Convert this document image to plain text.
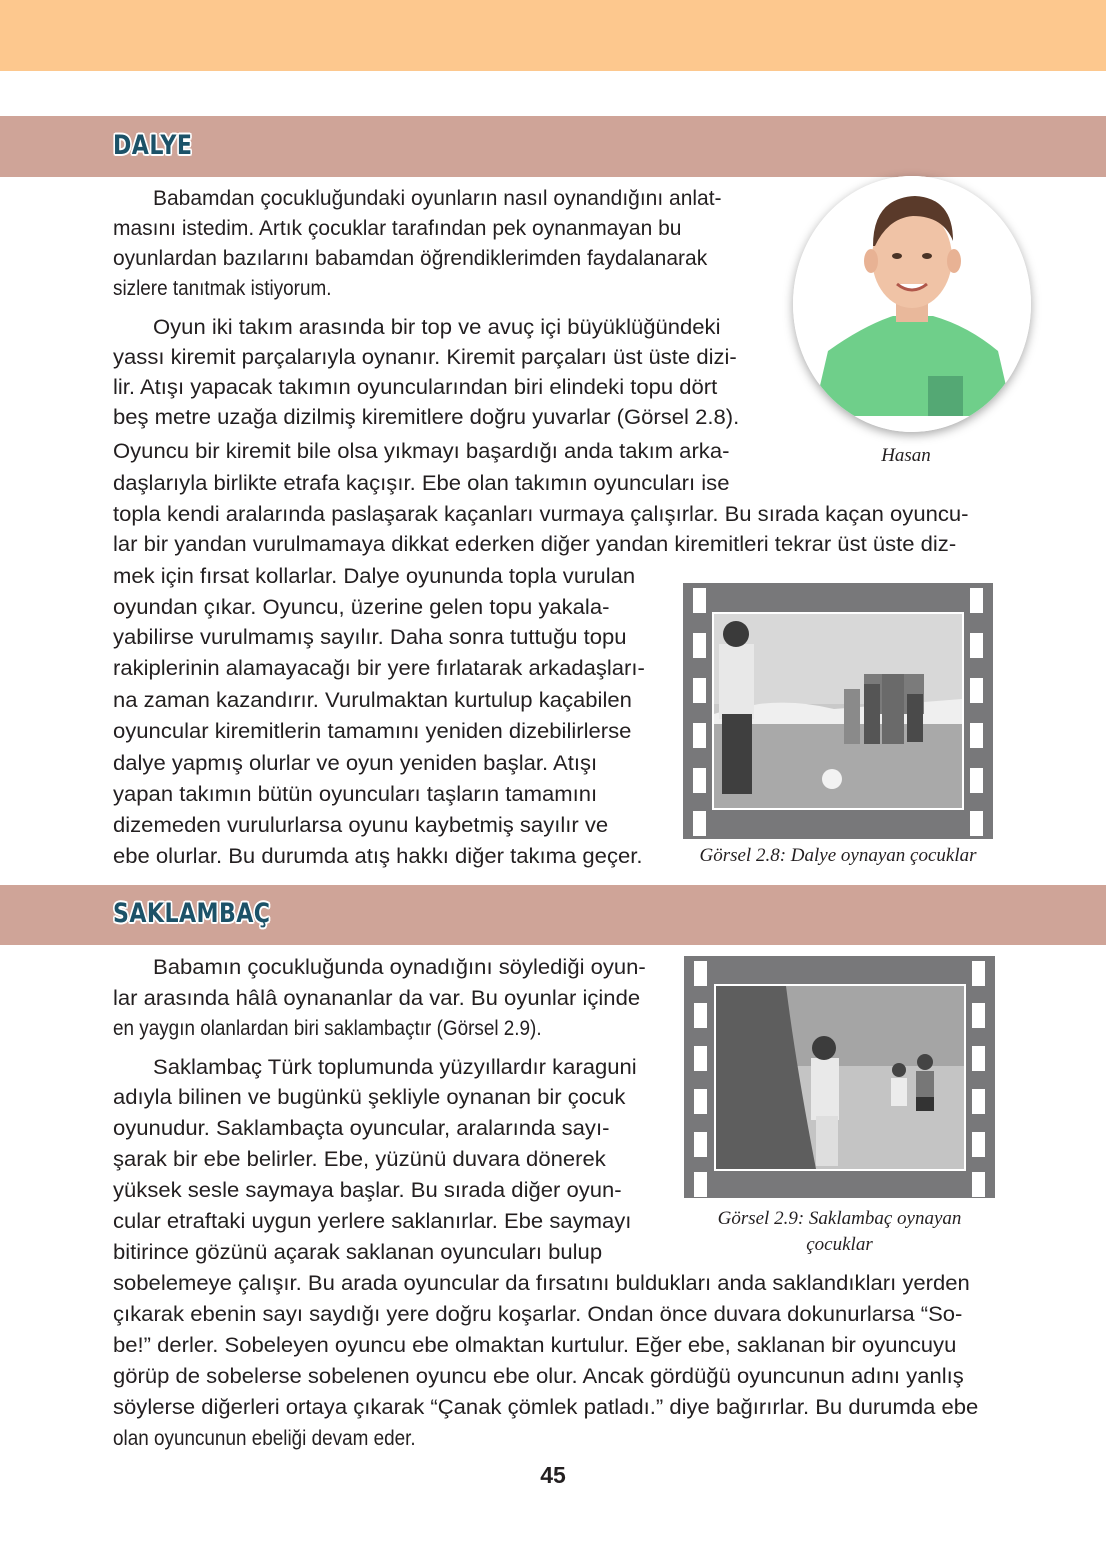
DALYE
Babamdan çocukluğundaki oyunların nasıl oynandığını anlat-
masını istedim. Artık çocuklar tarafından pek oynanmayan bu
oyunlardan bazılarını babamdan öğrendiklerimden faydalanarak
sizlere tanıtmak istiyorum.
Oyun iki takım arasında bir top ve avuç içi büyüklüğündeki
yassı kiremit parçalarıyla oynanır. Kiremit parçaları üst üste dizi-
lir. Atışı yapacak takımın oyuncularından biri elindeki topu dört
beş metre uzağa dizilmiş kiremitlere doğru yuvarlar (Görsel 2.8).
Oyuncu bir kiremit bile olsa yıkmayı başardığı anda takım arka-
daşlarıyla birlikte etrafa kaçışır. Ebe olan takımın oyuncuları ise
topla kendi aralarında paslaşarak kaçanları vurmaya çalışırlar. Bu sırada kaçan oyuncu-
lar bir yandan vurulmamaya dikkat ederken diğer yandan kiremitleri tekrar üst üste diz-
mek için fırsat kollarlar. Dalye oyununda topla vurulan
oyundan çıkar. Oyuncu, üzerine gelen topu yakala-
yabilirse vurulmamış sayılır. Daha sonra tuttuğu topu
rakiplerinin alamayacağı bir yere fırlatarak arkadaşları-
na zaman kazandırır. Vurulmaktan kurtulup kaçabilen
oyuncular kiremitlerin tamamını yeniden dizebilirlerse
dalye yapmış olurlar ve oyun yeniden başlar. Atışı
yapan takımın bütün oyuncuları taşların tamamını
dizemeden vurulurlarsa oyunu kaybetmiş sayılır ve
ebe olurlar. Bu durumda atış hakkı diğer takıma geçer.
Hasan
Görsel 2.8: Dalye oynayan çocuklar
SAKLAMBAÇ
Babamın çocukluğunda oynadığını söylediği oyun-
lar arasında hâlâ oynananlar da var. Bu oyunlar içinde
en yaygın olanlardan biri saklambaçtır (Görsel 2.9).
Saklambaç Türk toplumunda yüzyıllardır karaguni
adıyla bilinen ve bugünkü şekliyle oynanan bir çocuk
oyunudur. Saklambaçta oyuncular, aralarında sayı-
şarak bir ebe belirler. Ebe, yüzünü duvara dönerek
yüksek sesle saymaya başlar. Bu sırada diğer oyun-
cular etraftaki uygun yerlere saklanırlar. Ebe saymayı
bitirince gözünü açarak saklanan oyuncuları bulup
sobelemeye çalışır. Bu arada oyuncular da fırsatını buldukları anda saklandıkları yerden
çıkarak ebenin sayı saydığı yere doğru koşarlar. Ondan önce duvara dokunurlarsa “So-
be!” derler. Sobeleyen oyuncu ebe olmaktan kurtulur. Eğer ebe, saklanan bir oyuncuyu
görüp de sobelerse sobelenen oyuncu ebe olur. Ancak gördüğü oyuncunun adını yanlış
söylerse diğerleri ortaya çıkarak “Çanak çömlek patladı.” diye bağırırlar. Bu durumda ebe
olan oyuncunun ebeliği devam eder.
Görsel 2.9: Saklambaç oynayan
çocuklar
45
